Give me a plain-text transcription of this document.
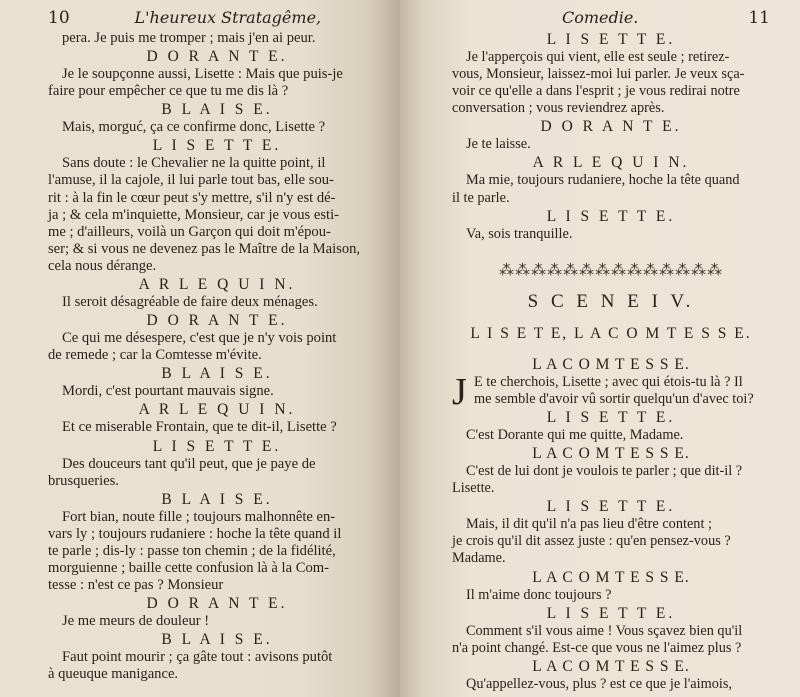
10	L'heureux Stratagême,
pera. Je puis me tromper ; mais j'en ai peur.
D O R A N T E.
Je le soupçonne aussi, Lisette : Mais que puis-je
faire pour empêcher ce que tu me dis là ?
B L A I S E.
Mais, morguć, ça ce confirme donc, Lisette ?
L I S E T T E.
Sans doute : le Chevalier ne la quitte point, il
l'amuse, il la cajole, il lui parle tout bas, elle sou-
rit : à la fin le cœur peut s'y mettre, s'il n'y est dé-
ja ; & cela m'inquiette, Monsieur, car je vous esti-
me ; d'ailleurs, voilà un Garçon qui doit m'épou-
ser; & si vous ne devenez pas le Maître de la Maison,
cela nous dérange.
A R L E Q U I N.
Il seroit désagréable de faire deux ménages.
D O R A N T E.
Ce qui me désespere, c'est que je n'y vois point
de remede ; car la Comtesse m'évite.
B L A I S E.
Mordi, c'est pourtant mauvais signe.
A R L E Q U I N.
Et ce miserable Frontain, que te dit-il, Lisette ?
L I S E T T E.
Des douceurs tant qu'il peut, que je paye de
brusqueries.
B L A I S E.
Fort bian, noute fille ; toujours malhonnête en-
vars ly ; toujours rudaniere : hoche la tête quand il
te parle ; dis-ly : passe ton chemin ; de la fidélité,
morguienne ; baille cette confusion là à la Com-
tesse : n'est ce pas ? Monsieur
D O R A N T E.
Je me meurs de douleur !
B L A I S E.
Faut point mourir ; ça gâte tout : avisons putôt
à queuque manigance.
Comedie.	11
L I S E T T E.
Je l'apperçois qui vient, elle est seule ; retirez-
vous, Monsieur, laissez-moi lui parler. Je veux sça-
voir ce qu'elle a dans l'esprit ; je vous redirai notre
conversation ; vous reviendrez après.
D O R A N T E.
Je te laisse.
A R L E Q U I N.
Ma mie, toujours rudaniere, hoche la tête quand
il te parle.
L I S E T T E.
Va, sois tranquille.
⁂⁂⁂⁂⁂⁂⁂⁂⁂⁂⁂⁂⁂⁂
S C E N E I V.
L I S E T E, L A C O M T E S S E.
L A C O M T E S S E.
J E te cherchois, Lisette ; avec qui étois-tu là ? Il
me semble d'avoir vû sortir quelqu'un d'avec toi?
L I S E T T E.
C'est Dorante qui me quitte, Madame.
L A C O M T E S S E.
C'est de lui dont je voulois te parler ; que dit-il ?
Lisette.
L I S E T T E.
Mais, il dit qu'il n'a pas lieu d'être content ;
je crois qu'il dit assez juste : qu'en pensez-vous ?
Madame.
L A C O M T E S S E.
Il m'aime donc toujours ?
L I S E T T E.
Comment s'il vous aime ! Vous sçavez bien qu'il
n'a point changé. Est-ce que vous ne l'aimez plus ?
L A C O M T E S S E.
Qu'appellez-vous, plus ? est ce que je l'aimois,
